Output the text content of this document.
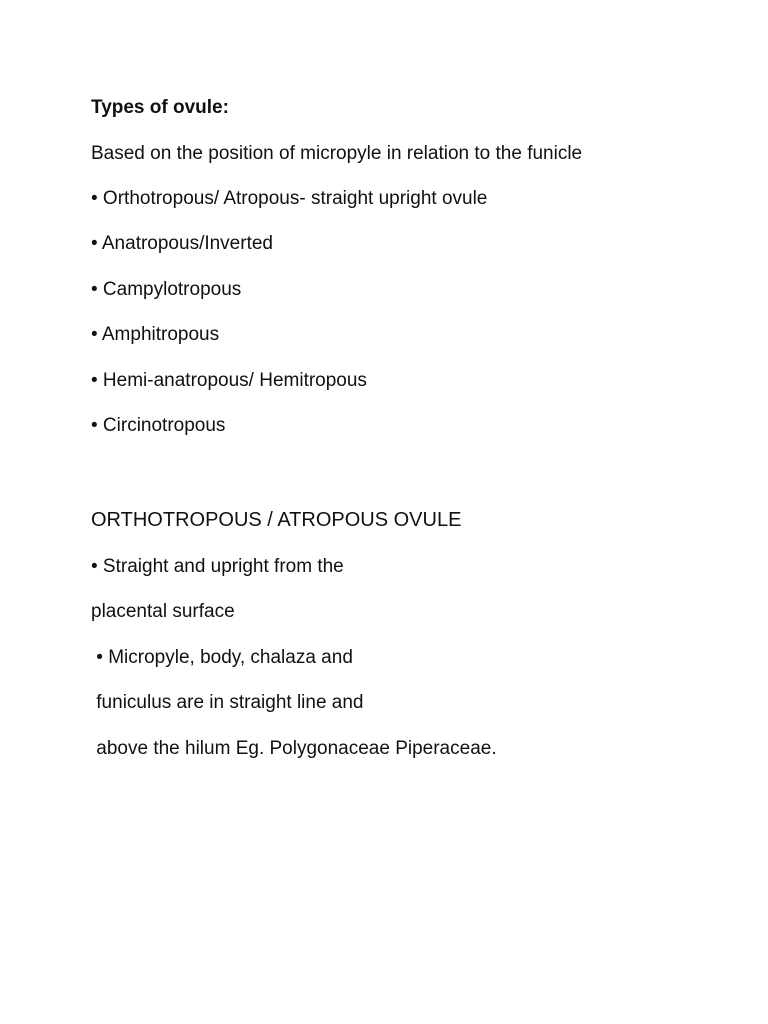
Types of ovule:
Based on the position of micropyle in relation to the funicle
• Orthotropous/ Atropous- straight upright ovule
• Anatropous/Inverted
• Campylotropous
• Amphitropous
• Hemi-anatropous/ Hemitropous
• Circinotropous
ORTHOTROPOUS / ATROPOUS OVULE
• Straight and upright from the
placental surface
• Micropyle, body, chalaza and
funiculus are in straight line and
above the hilum Eg. Polygonaceae Piperaceae.
